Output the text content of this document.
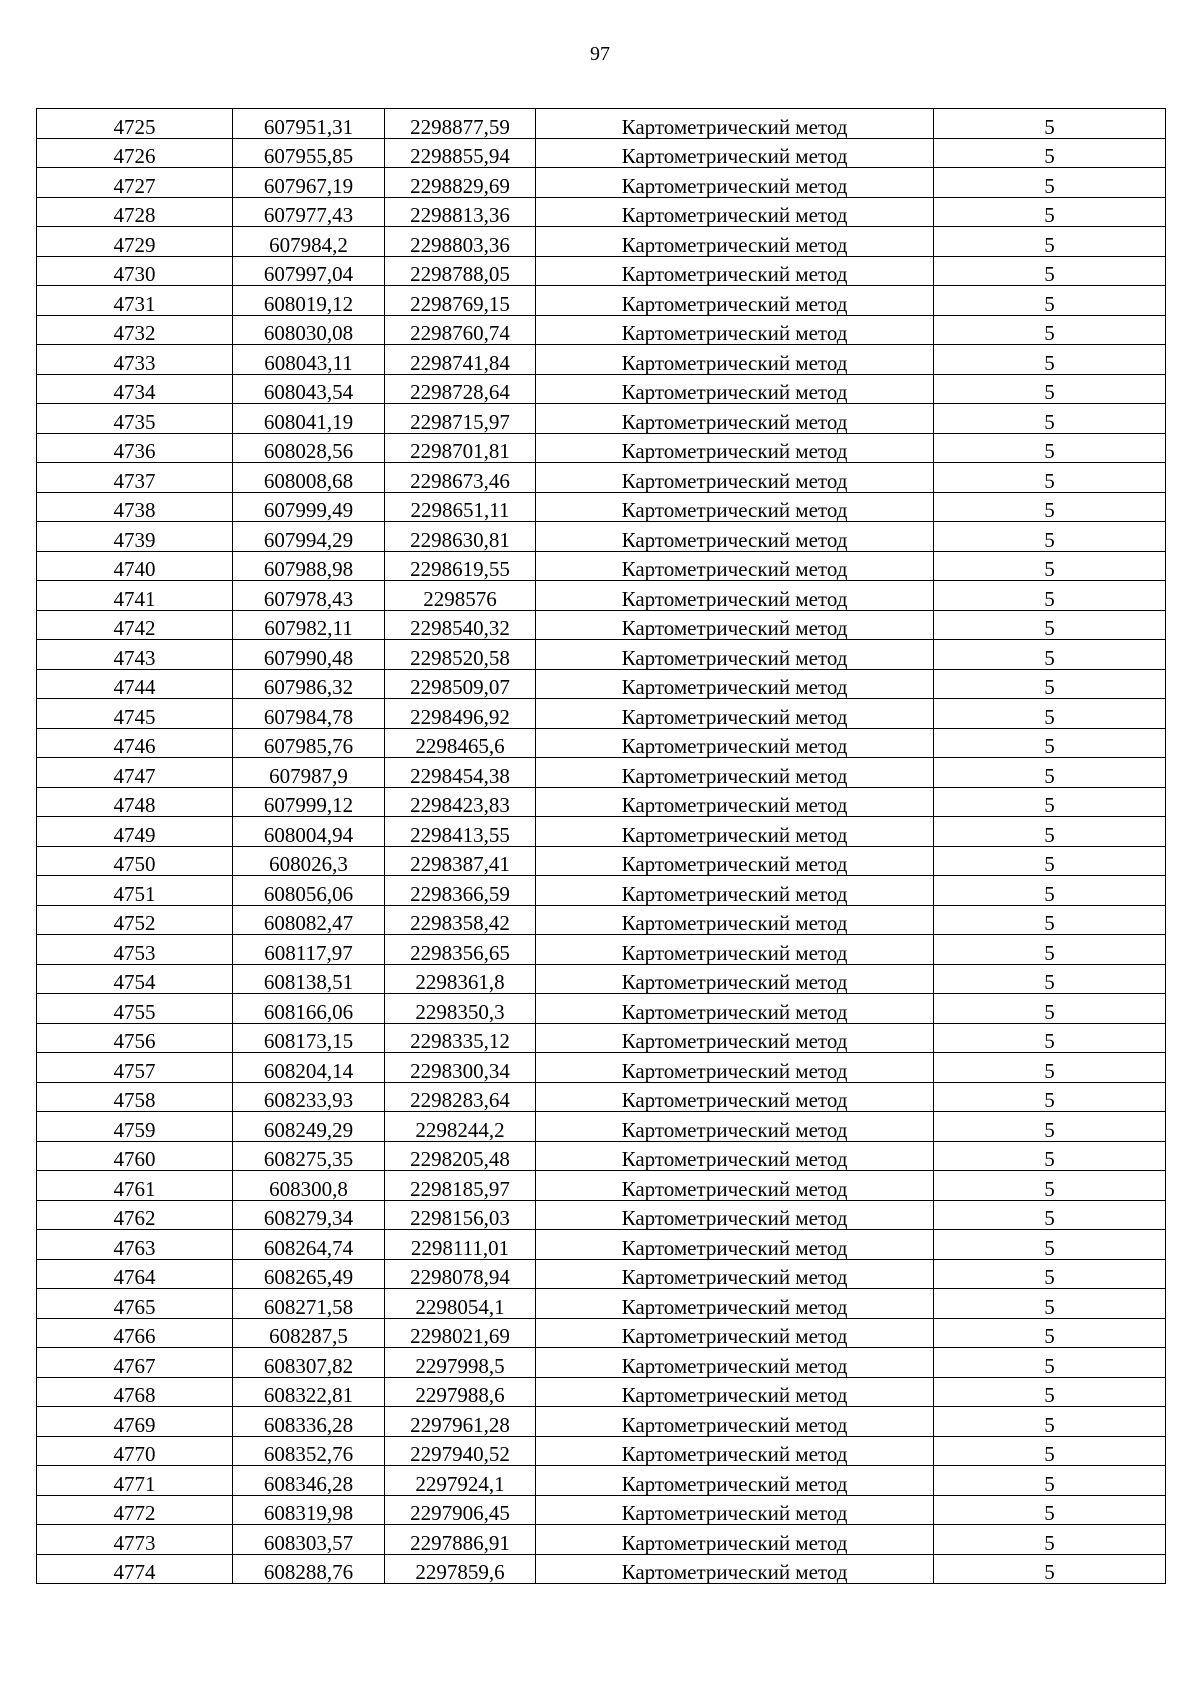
97
4725	607951,31	2298877,59	Картометрический метод	5
4726	607955,85	2298855,94	Картометрический метод	5
4727	607967,19	2298829,69	Картометрический метод	5
4728	607977,43	2298813,36	Картометрический метод	5
4729	607984,2	2298803,36	Картометрический метод	5
4730	607997,04	2298788,05	Картометрический метод	5
4731	608019,12	2298769,15	Картометрический метод	5
4732	608030,08	2298760,74	Картометрический метод	5
4733	608043,11	2298741,84	Картометрический метод	5
4734	608043,54	2298728,64	Картометрический метод	5
4735	608041,19	2298715,97	Картометрический метод	5
4736	608028,56	2298701,81	Картометрический метод	5
4737	608008,68	2298673,46	Картометрический метод	5
4738	607999,49	2298651,11	Картометрический метод	5
4739	607994,29	2298630,81	Картометрический метод	5
4740	607988,98	2298619,55	Картометрический метод	5
4741	607978,43	2298576	Картометрический метод	5
4742	607982,11	2298540,32	Картометрический метод	5
4743	607990,48	2298520,58	Картометрический метод	5
4744	607986,32	2298509,07	Картометрический метод	5
4745	607984,78	2298496,92	Картометрический метод	5
4746	607985,76	2298465,6	Картометрический метод	5
4747	607987,9	2298454,38	Картометрический метод	5
4748	607999,12	2298423,83	Картометрический метод	5
4749	608004,94	2298413,55	Картометрический метод	5
4750	608026,3	2298387,41	Картометрический метод	5
4751	608056,06	2298366,59	Картометрический метод	5
4752	608082,47	2298358,42	Картометрический метод	5
4753	608117,97	2298356,65	Картометрический метод	5
4754	608138,51	2298361,8	Картометрический метод	5
4755	608166,06	2298350,3	Картометрический метод	5
4756	608173,15	2298335,12	Картометрический метод	5
4757	608204,14	2298300,34	Картометрический метод	5
4758	608233,93	2298283,64	Картометрический метод	5
4759	608249,29	2298244,2	Картометрический метод	5
4760	608275,35	2298205,48	Картометрический метод	5
4761	608300,8	2298185,97	Картометрический метод	5
4762	608279,34	2298156,03	Картометрический метод	5
4763	608264,74	2298111,01	Картометрический метод	5
4764	608265,49	2298078,94	Картометрический метод	5
4765	608271,58	2298054,1	Картометрический метод	5
4766	608287,5	2298021,69	Картометрический метод	5
4767	608307,82	2297998,5	Картометрический метод	5
4768	608322,81	2297988,6	Картометрический метод	5
4769	608336,28	2297961,28	Картометрический метод	5
4770	608352,76	2297940,52	Картометрический метод	5
4771	608346,28	2297924,1	Картометрический метод	5
4772	608319,98	2297906,45	Картометрический метод	5
4773	608303,57	2297886,91	Картометрический метод	5
4774	608288,76	2297859,6	Картометрический метод	5
